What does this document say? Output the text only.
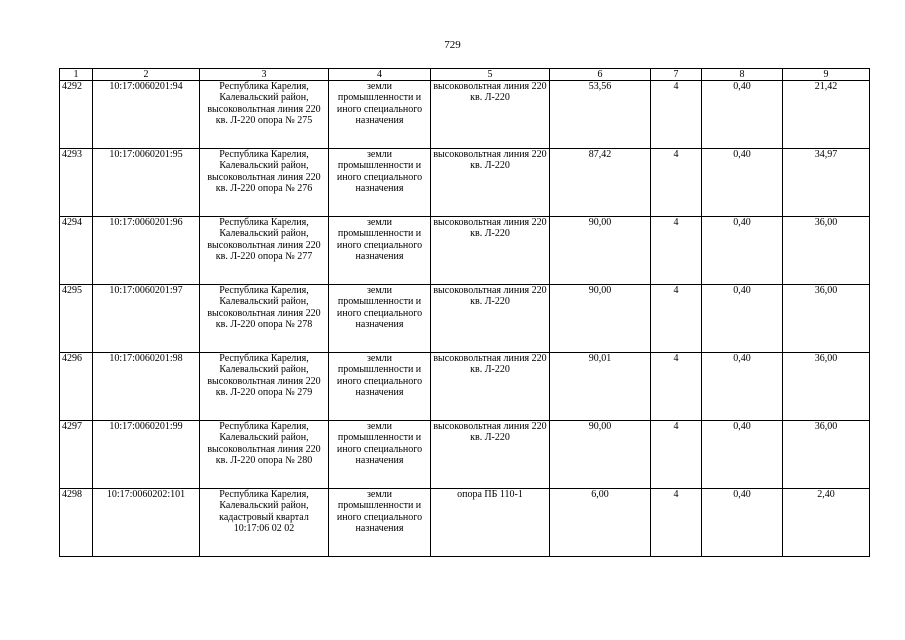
729
1	2	3	4	5	6	7	8	9
4292	10:17:0060201:94	Республика Карелия, Калевальский район, высоковольтная линия 220 кв. Л-220 опора № 275	земли промышленности и иного специального назначения	высоковольтная линия 220 кв. Л-220	53,56	4	0,40	21,42
4293	10:17:0060201:95	Республика Карелия, Калевальский район, высоковольтная линия 220 кв. Л-220 опора № 276	земли промышленности и иного специального назначения	высоковольтная линия 220 кв. Л-220	87,42	4	0,40	34,97
4294	10:17:0060201:96	Республика Карелия, Калевальский район, высоковольтная линия 220 кв. Л-220 опора № 277	земли промышленности и иного специального назначения	высоковольтная линия 220 кв. Л-220	90,00	4	0,40	36,00
4295	10:17:0060201:97	Республика Карелия, Калевальский район, высоковольтная линия 220 кв. Л-220 опора № 278	земли промышленности и иного специального назначения	высоковольтная линия 220 кв. Л-220	90,00	4	0,40	36,00
4296	10:17:0060201:98	Республика Карелия, Калевальский район, высоковольтная линия 220 кв. Л-220 опора № 279	земли промышленности и иного специального назначения	высоковольтная линия 220 кв. Л-220	90,01	4	0,40	36,00
4297	10:17:0060201:99	Республика Карелия, Калевальский район, высоковольтная линия 220 кв. Л-220 опора № 280	земли промышленности и иного специального назначения	высоковольтная линия 220 кв. Л-220	90,00	4	0,40	36,00
4298	10:17:0060202:101	Республика Карелия, Калевальский район, кадастровый квартал 10:17:06 02 02	земли промышленности и иного специального назначения	опора ПБ 110-1	6,00	4	0,40	2,40
